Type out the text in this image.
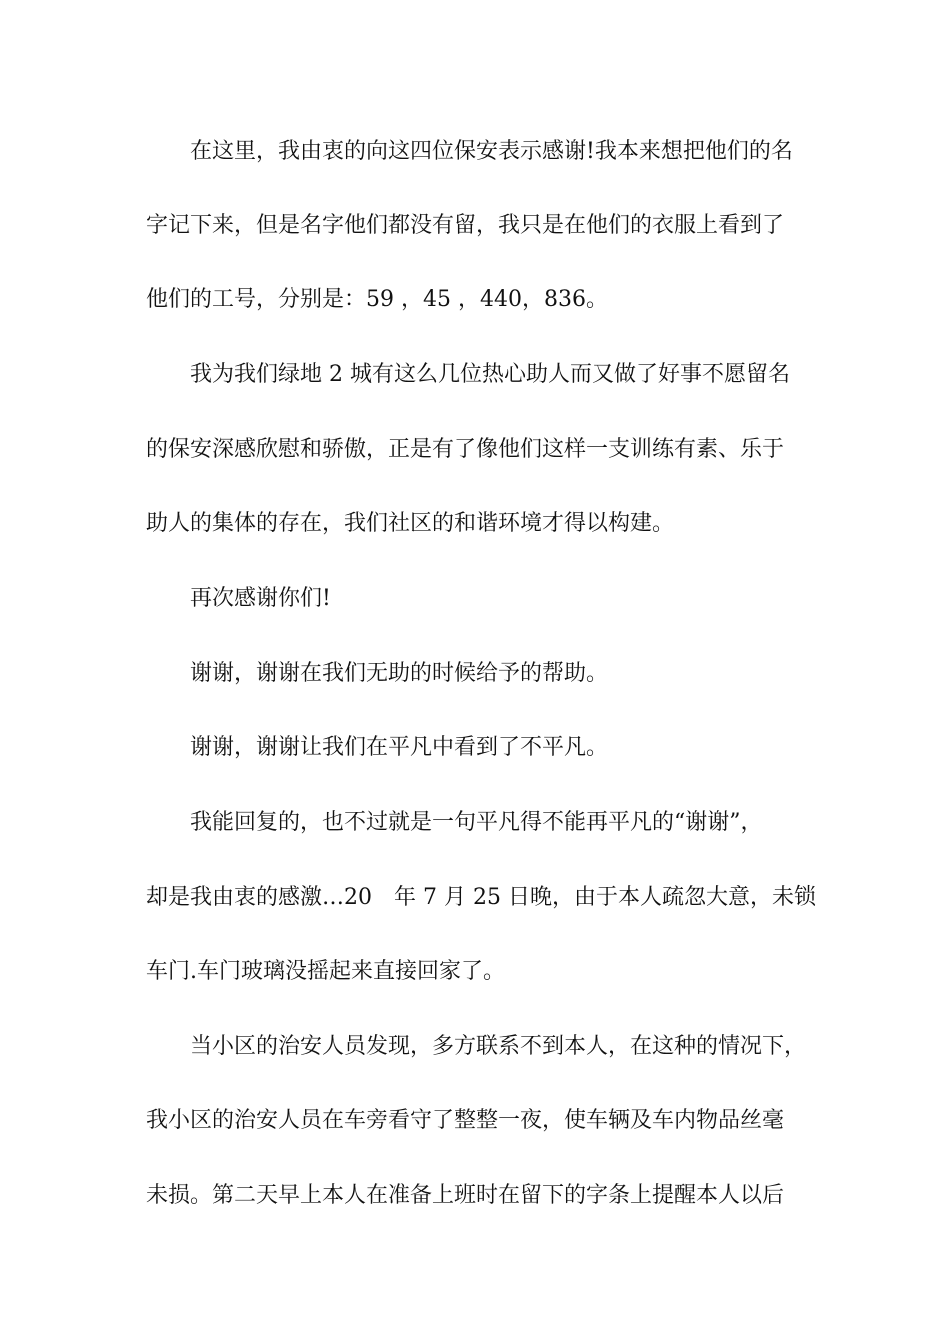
在这里，我由衷的向这四位保安表示感谢!我本来想把他们的名
字记下来，但是名字他们都没有留，我只是在他们的衣服上看到了
他们的工号，分别是：59 ，45 ，440，836。
我为我们绿地 2 城有这么几位热心助人而又做了好事不愿留名
的保安深感欣慰和骄傲，正是有了像他们这样一支训练有素、乐于
助人的集体的存在，我们社区的和谐环境才得以构建。
再次感谢你们!
谢谢，谢谢在我们无助的时候给予的帮助。
谢谢，谢谢让我们在平凡中看到了不平凡。
我能回复的，也不过就是一句平凡得不能再平凡的“谢谢”，
却是我由衷的感激…20　年 7 月 25 日晚，由于本人疏忽大意，未锁
车门.车门玻璃没摇起来直接回家了。
当小区的治安人员发现，多方联系不到本人，在这种的情况下，
我小区的治安人员在车旁看守了整整一夜，使车辆及车内物品丝毫
未损。第二天早上本人在准备上班时在留下的字条上提醒本人以后
